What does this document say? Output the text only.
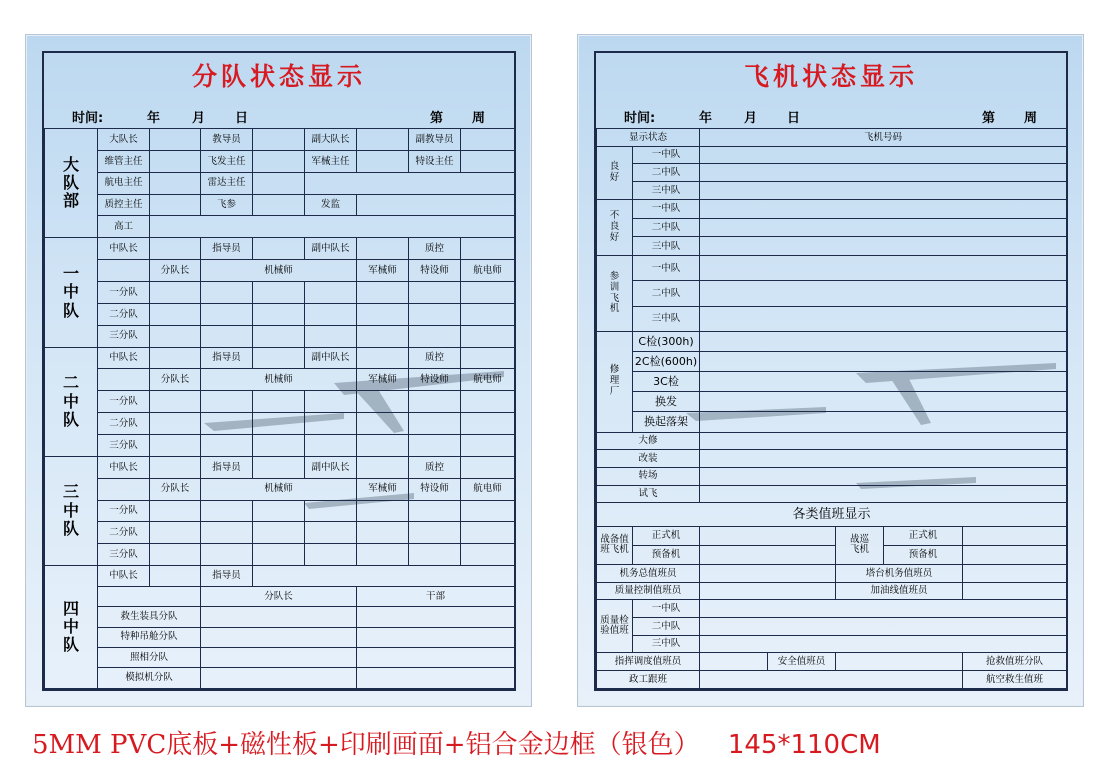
分队状态显示
时间:	年 月 日	第 周
大队部	大队长		教导员		副大队长		副教导员	
	维管主任		飞发主任		军械主任		特设主任	
	航电主任		雷达主任					
	质控主任		飞参		发监			
	高工							
一中队	中队长		指导员		副中队长		质控	
		分队长	机械师			军械师	特设师	航电师
	一分队							
	二分队							
	三分队							
二中队	中队长		指导员		副中队长		质控	
		分队长	机械师			军械师	特设师	航电师
	一分队							
	二分队							
	三分队							
三中队	中队长		指导员		副中队长		质控	
		分队长	机械师			军械师	特设师	航电师
	一分队							
	二分队							
	三分队							
四中队	中队长		指导员					
			分队长			干部		
	救生装具分队							
	特种吊舱分队							
	照相分队							
	模拟机分队							
飞机状态显示
时间:	年 月 日	第 周
显示状态		飞机号码				
良好	一中队					
	二中队					
	三中队					
不良好	一中队					
	二中队					
	三中队					
参训飞机	一中队					
	二中队					
	三中队					
修理厂	C检(300h)					
	2C检(600h)					
	3C检					
	换发					
	换起落架					
大修						
改装						
转场						
试飞						
各类值班显示						
战备值班飞机	正式机			战巡飞机	正式机	
	预备机				预备机	
机务总值班员				塔台机务值班员		
质量控制值班员				加油线值班员		
质量检验值班	一中队					
	二中队					
	三中队					
指挥调度值班员			安全值班员			抢救值班分队
政工跟班						航空救生值班
5MM PVC底板+磁性板+印刷画面+铝合金边框（银色） 145*110CM
